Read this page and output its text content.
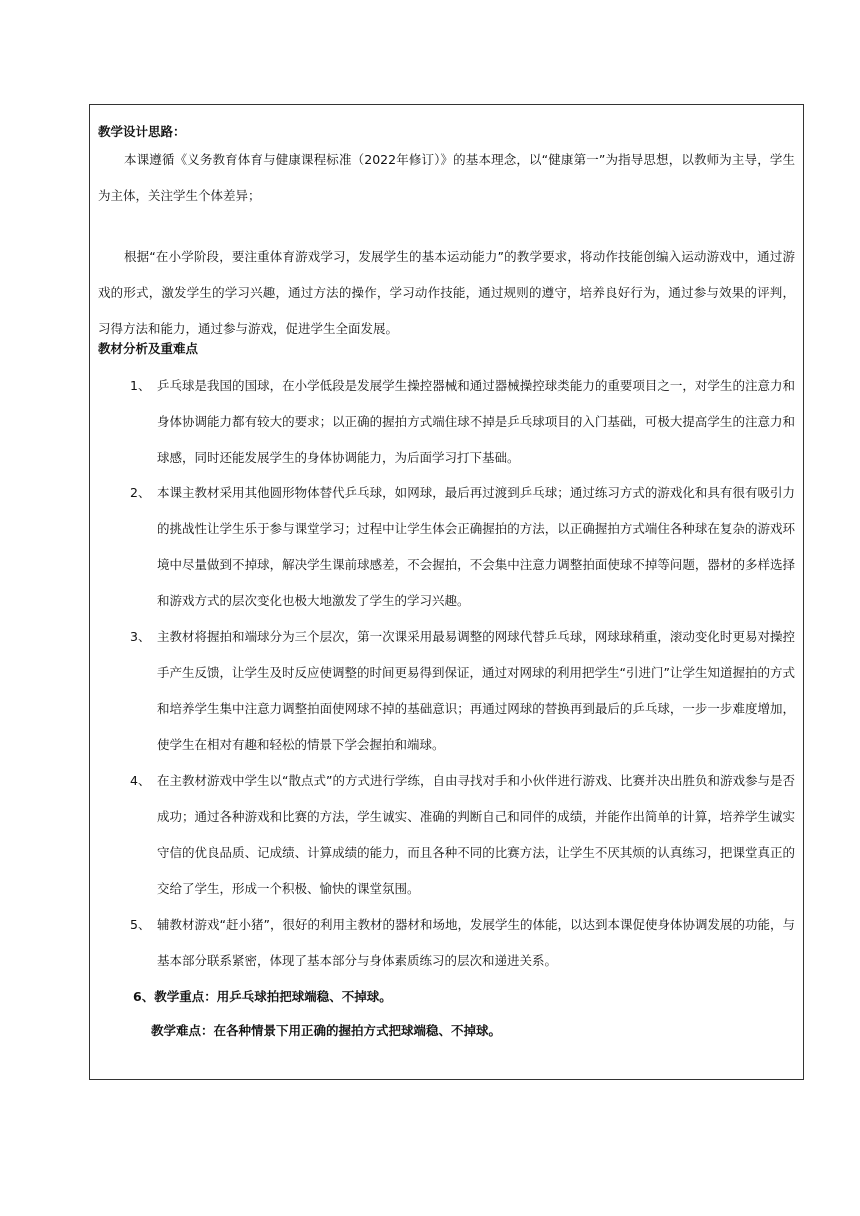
教学设计思路：
本课遵循《义务教育体育与健康课程标准（2022年修订）》的基本理念，以“健康第一”为指导思想，以教师为主导，学生为主体，关注学生个体差异；
根据“在小学阶段，要注重体育游戏学习，发展学生的基本运动能力”的教学要求，将动作技能创编入运动游戏中，通过游戏的形式，激发学生的学习兴趣，通过方法的操作，学习动作技能，通过规则的遵守，培养良好行为，通过参与效果的评判，习得方法和能力，通过参与游戏，促进学生全面发展。
教材分析及重难点
1、 乒乓球是我国的国球，在小学低段是发展学生操控器械和通过器械操控球类能力的重要项目之一，对学生的注意力和身体协调能力都有较大的要求；以正确的握拍方式端住球不掉是乒乓球项目的入门基础，可极大提高学生的注意力和球感，同时还能发展学生的身体协调能力，为后面学习打下基础。
2、 本课主教材采用其他圆形物体替代乒乓球，如网球，最后再过渡到乒乓球；通过练习方式的游戏化和具有很有吸引力的挑战性让学生乐于参与课堂学习；过程中让学生体会正确握拍的方法，以正确握拍方式端住各种球在复杂的游戏环境中尽量做到不掉球，解决学生课前球感差，不会握拍，不会集中注意力调整拍面使球不掉等问题，器材的多样选择和游戏方式的层次变化也极大地激发了学生的学习兴趣。
3、 主教材将握拍和端球分为三个层次，第一次课采用最易调整的网球代替乒乓球，网球球稍重，滚动变化时更易对操控手产生反馈，让学生及时反应使调整的时间更易得到保证，通过对网球的利用把学生“引进门”让学生知道握拍的方式和培养学生集中注意力调整拍面使网球不掉的基础意识；再通过网球的替换再到最后的乒乓球，一步一步难度增加，使学生在相对有趣和轻松的情景下学会握拍和端球。
4、 在主教材游戏中学生以“散点式”的方式进行学练，自由寻找对手和小伙伴进行游戏、比赛并决出胜负和游戏参与是否成功；通过各种游戏和比赛的方法，学生诚实、准确的判断自己和同伴的成绩，并能作出简单的计算，培养学生诚实守信的优良品质、记成绩、计算成绩的能力，而且各种不同的比赛方法，让学生不厌其烦的认真练习，把课堂真正的交给了学生，形成一个积极、愉快的课堂氛围。
5、 辅教材游戏“赶小猪”，很好的利用主教材的器材和场地，发展学生的体能，以达到本课促使身体协调发展的功能，与基本部分联系紧密，体现了基本部分与身体素质练习的层次和递进关系。
6、教学重点：用乒乓球拍把球端稳、不掉球。
教学难点：在各种情景下用正确的握拍方式把球端稳、不掉球。
